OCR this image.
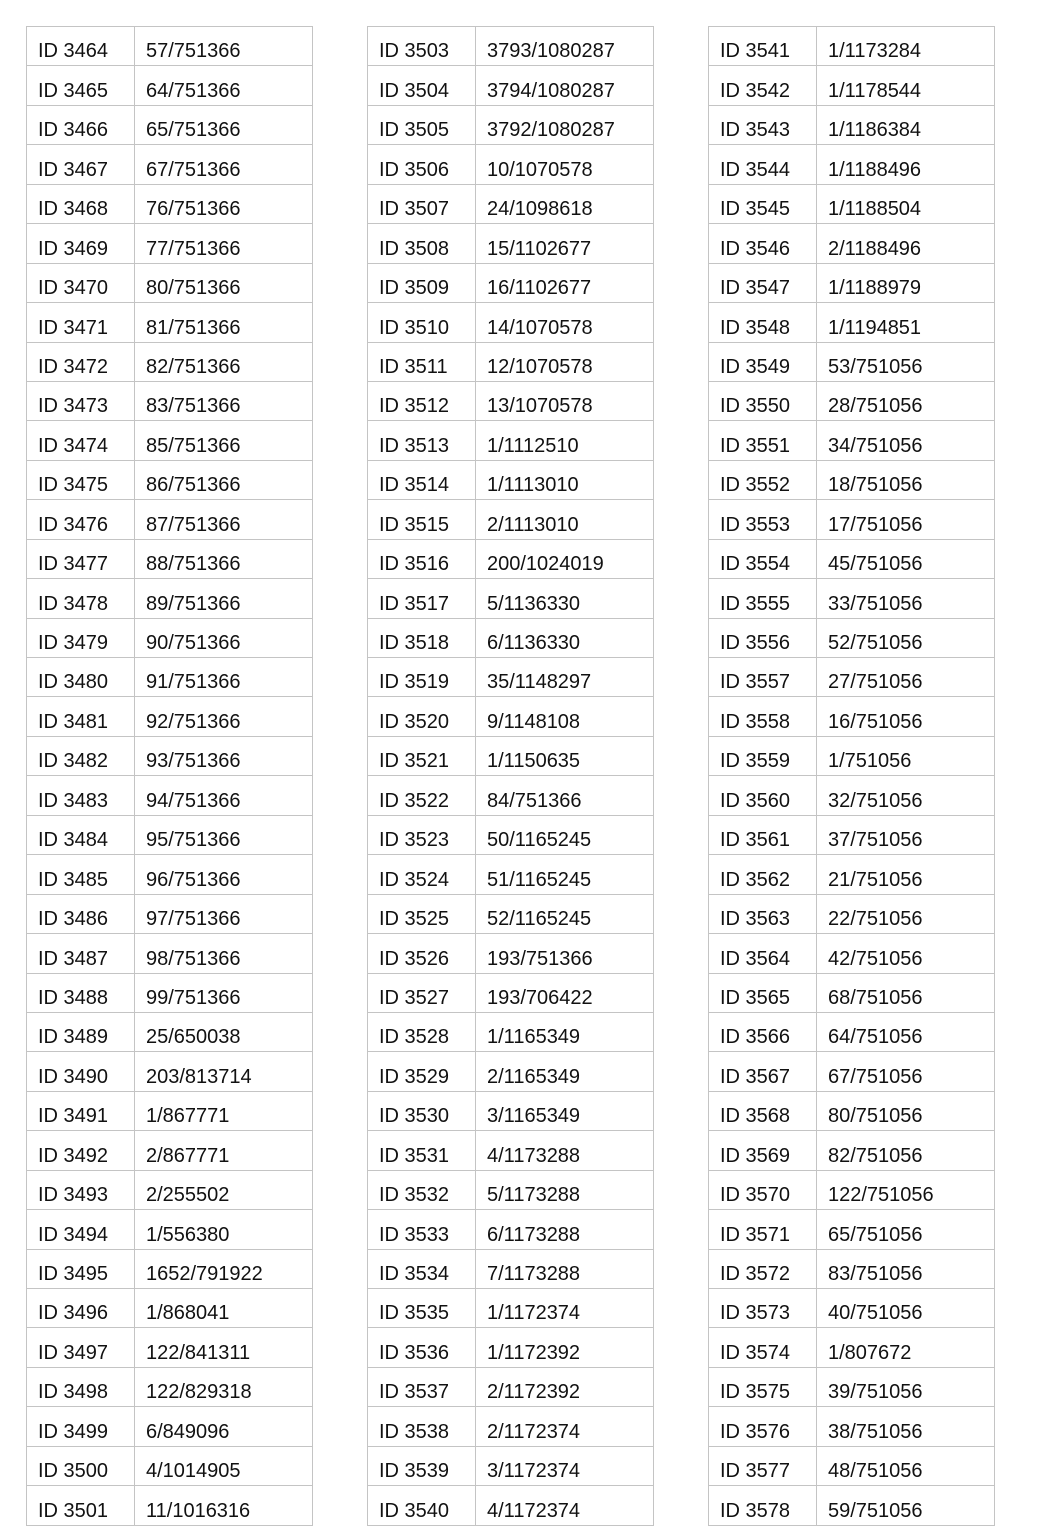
ID 3464	57/751366
ID 3465	64/751366
ID 3466	65/751366
ID 3467	67/751366
ID 3468	76/751366
ID 3469	77/751366
ID 3470	80/751366
ID 3471	81/751366
ID 3472	82/751366
ID 3473	83/751366
ID 3474	85/751366
ID 3475	86/751366
ID 3476	87/751366
ID 3477	88/751366
ID 3478	89/751366
ID 3479	90/751366
ID 3480	91/751366
ID 3481	92/751366
ID 3482	93/751366
ID 3483	94/751366
ID 3484	95/751366
ID 3485	96/751366
ID 3486	97/751366
ID 3487	98/751366
ID 3488	99/751366
ID 3489	25/650038
ID 3490	203/813714
ID 3491	1/867771
ID 3492	2/867771
ID 3493	2/255502
ID 3494	1/556380
ID 3495	1652/791922
ID 3496	1/868041
ID 3497	122/841311
ID 3498	122/829318
ID 3499	6/849096
ID 3500	4/1014905
ID 3501	11/1016316
ID 3503	3793/1080287
ID 3504	3794/1080287
ID 3505	3792/1080287
ID 3506	10/1070578
ID 3507	24/1098618
ID 3508	15/1102677
ID 3509	16/1102677
ID 3510	14/1070578
ID 3511	12/1070578
ID 3512	13/1070578
ID 3513	1/1112510
ID 3514	1/1113010
ID 3515	2/1113010
ID 3516	200/1024019
ID 3517	5/1136330
ID 3518	6/1136330
ID 3519	35/1148297
ID 3520	9/1148108
ID 3521	1/1150635
ID 3522	84/751366
ID 3523	50/1165245
ID 3524	51/1165245
ID 3525	52/1165245
ID 3526	193/751366
ID 3527	193/706422
ID 3528	1/1165349
ID 3529	2/1165349
ID 3530	3/1165349
ID 3531	4/1173288
ID 3532	5/1173288
ID 3533	6/1173288
ID 3534	7/1173288
ID 3535	1/1172374
ID 3536	1/1172392
ID 3537	2/1172392
ID 3538	2/1172374
ID 3539	3/1172374
ID 3540	4/1172374
ID 3541	1/1173284
ID 3542	1/1178544
ID 3543	1/1186384
ID 3544	1/1188496
ID 3545	1/1188504
ID 3546	2/1188496
ID 3547	1/1188979
ID 3548	1/1194851
ID 3549	53/751056
ID 3550	28/751056
ID 3551	34/751056
ID 3552	18/751056
ID 3553	17/751056
ID 3554	45/751056
ID 3555	33/751056
ID 3556	52/751056
ID 3557	27/751056
ID 3558	16/751056
ID 3559	1/751056
ID 3560	32/751056
ID 3561	37/751056
ID 3562	21/751056
ID 3563	22/751056
ID 3564	42/751056
ID 3565	68/751056
ID 3566	64/751056
ID 3567	67/751056
ID 3568	80/751056
ID 3569	82/751056
ID 3570	122/751056
ID 3571	65/751056
ID 3572	83/751056
ID 3573	40/751056
ID 3574	1/807672
ID 3575	39/751056
ID 3576	38/751056
ID 3577	48/751056
ID 3578	59/751056
